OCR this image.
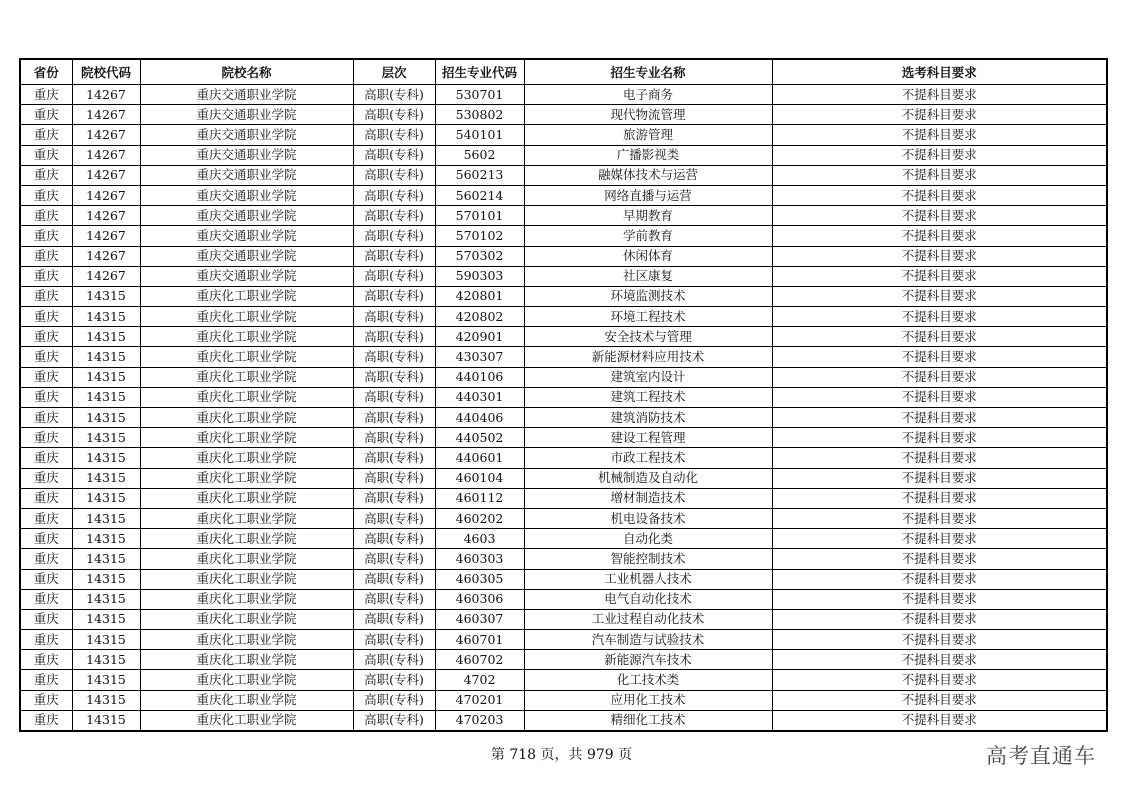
省份	院校代码	院校名称	层次	招生专业代码	招生专业名称	选考科目要求
重庆	14267	重庆交通职业学院	高职(专科)	530701	电子商务	不提科目要求
重庆	14267	重庆交通职业学院	高职(专科)	530802	现代物流管理	不提科目要求
重庆	14267	重庆交通职业学院	高职(专科)	540101	旅游管理	不提科目要求
重庆	14267	重庆交通职业学院	高职(专科)	5602	广播影视类	不提科目要求
重庆	14267	重庆交通职业学院	高职(专科)	560213	融媒体技术与运营	不提科目要求
重庆	14267	重庆交通职业学院	高职(专科)	560214	网络直播与运营	不提科目要求
重庆	14267	重庆交通职业学院	高职(专科)	570101	早期教育	不提科目要求
重庆	14267	重庆交通职业学院	高职(专科)	570102	学前教育	不提科目要求
重庆	14267	重庆交通职业学院	高职(专科)	570302	休闲体育	不提科目要求
重庆	14267	重庆交通职业学院	高职(专科)	590303	社区康复	不提科目要求
重庆	14315	重庆化工职业学院	高职(专科)	420801	环境监测技术	不提科目要求
重庆	14315	重庆化工职业学院	高职(专科)	420802	环境工程技术	不提科目要求
重庆	14315	重庆化工职业学院	高职(专科)	420901	安全技术与管理	不提科目要求
重庆	14315	重庆化工职业学院	高职(专科)	430307	新能源材料应用技术	不提科目要求
重庆	14315	重庆化工职业学院	高职(专科)	440106	建筑室内设计	不提科目要求
重庆	14315	重庆化工职业学院	高职(专科)	440301	建筑工程技术	不提科目要求
重庆	14315	重庆化工职业学院	高职(专科)	440406	建筑消防技术	不提科目要求
重庆	14315	重庆化工职业学院	高职(专科)	440502	建设工程管理	不提科目要求
重庆	14315	重庆化工职业学院	高职(专科)	440601	市政工程技术	不提科目要求
重庆	14315	重庆化工职业学院	高职(专科)	460104	机械制造及自动化	不提科目要求
重庆	14315	重庆化工职业学院	高职(专科)	460112	增材制造技术	不提科目要求
重庆	14315	重庆化工职业学院	高职(专科)	460202	机电设备技术	不提科目要求
重庆	14315	重庆化工职业学院	高职(专科)	4603	自动化类	不提科目要求
重庆	14315	重庆化工职业学院	高职(专科)	460303	智能控制技术	不提科目要求
重庆	14315	重庆化工职业学院	高职(专科)	460305	工业机器人技术	不提科目要求
重庆	14315	重庆化工职业学院	高职(专科)	460306	电气自动化技术	不提科目要求
重庆	14315	重庆化工职业学院	高职(专科)	460307	工业过程自动化技术	不提科目要求
重庆	14315	重庆化工职业学院	高职(专科)	460701	汽车制造与试验技术	不提科目要求
重庆	14315	重庆化工职业学院	高职(专科)	460702	新能源汽车技术	不提科目要求
重庆	14315	重庆化工职业学院	高职(专科)	4702	化工技术类	不提科目要求
重庆	14315	重庆化工职业学院	高职(专科)	470201	应用化工技术	不提科目要求
重庆	14315	重庆化工职业学院	高职(专科)	470203	精细化工技术	不提科目要求
第 718 页，共 979 页	高考直通车
